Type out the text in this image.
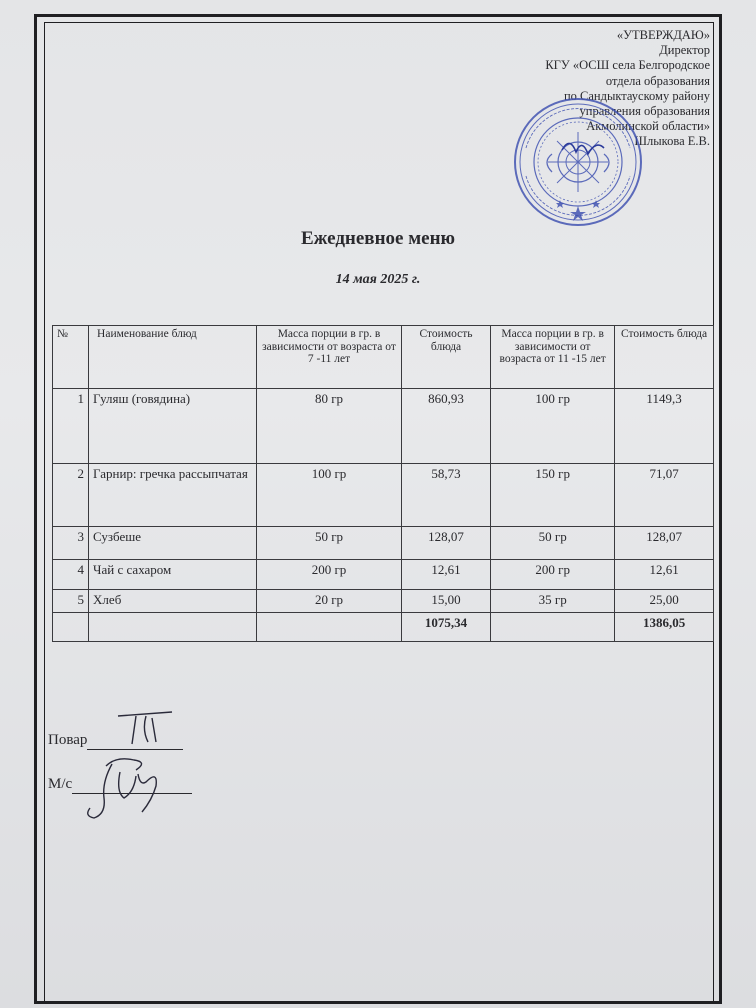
«УТВЕРЖДАЮ»
Директор
КГУ «ОСШ села Белгородское
отдела образования
по Сандыктаускому району
управления образования
Акмолинской области»
Шлыкова Е.В.
Ежедневное меню
14 мая 2025 г.
№	Наименование блюд	Масса порции в гр. в зависимости от возраста от 7 -11 лет	Стоимость блюда	Масса порции в гр. в зависимости от возраста от 11 -15 лет	Стоимость блюда
1	Гуляш (говядина)	80 гр	860,93	100 гр	1149,3
2	Гарнир: гречка рассыпчатая	100 гр	58,73	150 гр	71,07
3	Сузбеше	50 гр	128,07	50 гр	128,07
4	Чай с сахаром	200 гр	12,61	200 гр	12,61
5	Хлеб	20 гр	15,00	35 гр	25,00
			1075,34		1386,05
Повар
М/с
